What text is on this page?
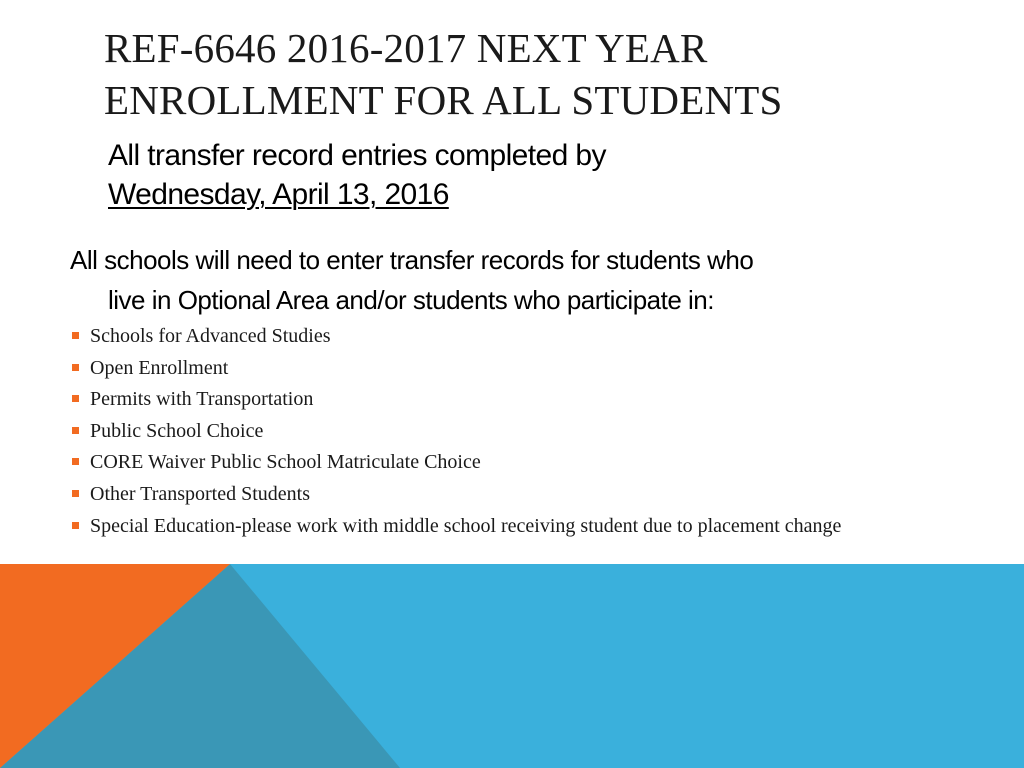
REF-6646 2016-2017 NEXT YEAR
ENROLLMENT FOR ALL STUDENTS
All transfer record entries completed by
Wednesday, April 13, 2016
All schools will need to enter transfer records for students who
live in Optional Area and/or students who participate in:
Schools for Advanced Studies
Open Enrollment
Permits with Transportation
Public School Choice
CORE Waiver Public School Matriculate Choice
Other Transported Students
Special Education-please work with middle school receiving student due to placement change
